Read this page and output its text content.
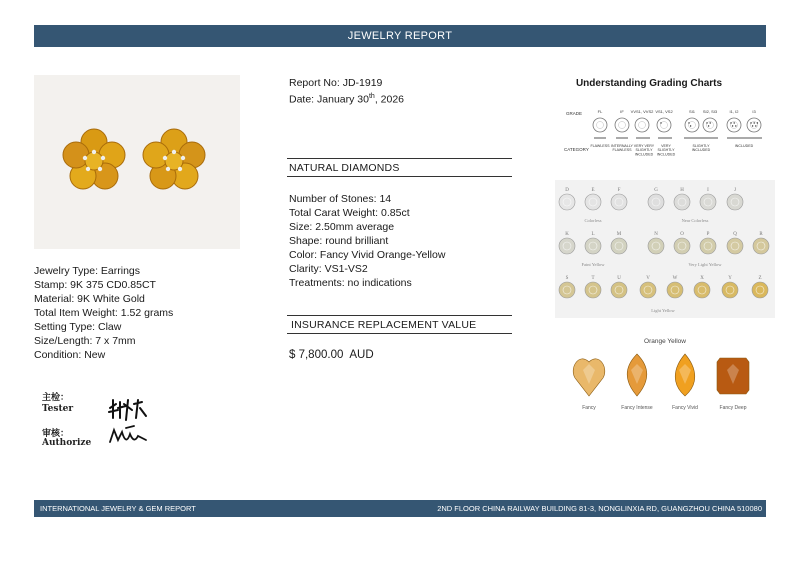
JEWELRY REPORT
Jewelry Type: Earrings
Stamp: 9K 375 CD0.85CT
Material: 9K White Gold
Total Item Weight: 1.52 grams
Setting Type: Claw
Size/Length: 7 x 7mm
Condition: New
主检：
Tester
审核：
Authorize
Report No: JD-1919
Date: January 30th, 2026
NATURAL DIAMONDS
Number of Stones: 14
Total Carat Weight: 0.85ct
Size: 2.50mm average
Shape: round brilliant
Color: Fancy Vivid Orange-Yellow
Clarity: VS1-VS2
Treatments: no indications
INSURANCE REPLACEMENT VALUE
$ 7,800.00 AUD
Understanding Grading Charts
GRADE
CATEGORY
FL	IF VVS1, VVS2 VS1, VS2	SI1 SI2, SI3	I1, I2	I3
FLAWLESS INTERNALLY FLAWLESS
VERY VERY SLIGHTLY INCLUDED
VERY SLIGHTLY INCLUDED
SLIGHTLY INCLUDED
INCLUDED
D	E	F	G	H	I	J
Colorless	Near Colorless
K	L	M	N	O	P	Q	R
Faint Yellow	Very Light Yellow
S	T	U	V	W	X	Y	Z
Light Yellow
Orange Yellow
Fancy	Fancy Intense	Fancy Vivid	Fancy Deep
INTERNATIONAL JEWELRY & GEM REPORT	2ND FLOOR CHINA RAILWAY BUILDING 81-3, NONGLINXIA RD, GUANGZHOU CHINA 510080
